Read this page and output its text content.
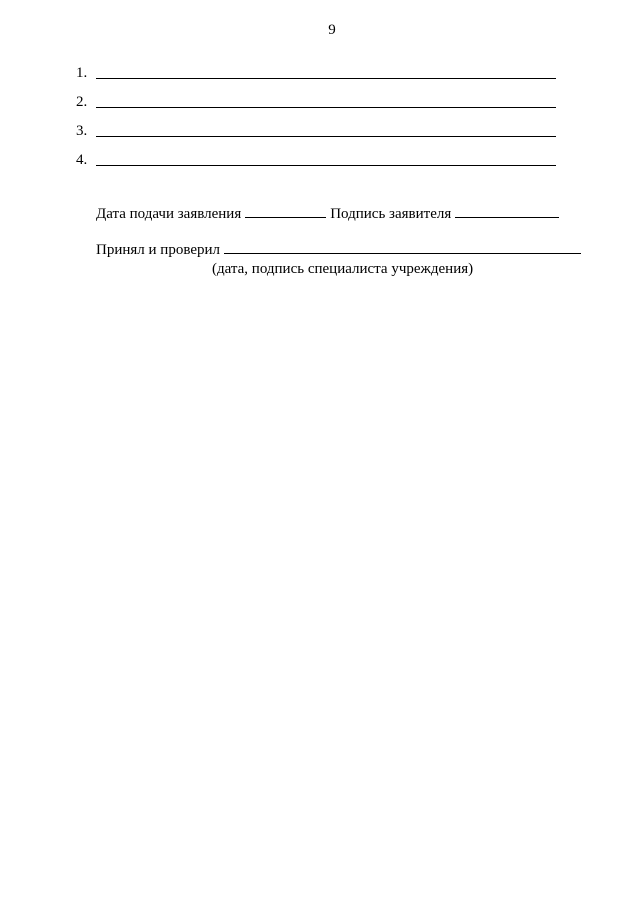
9
1.
2.
3.
4.
Дата подачи заявления	Подпись заявителя
Принял и проверил
(дата, подпись специалиста учреждения)
